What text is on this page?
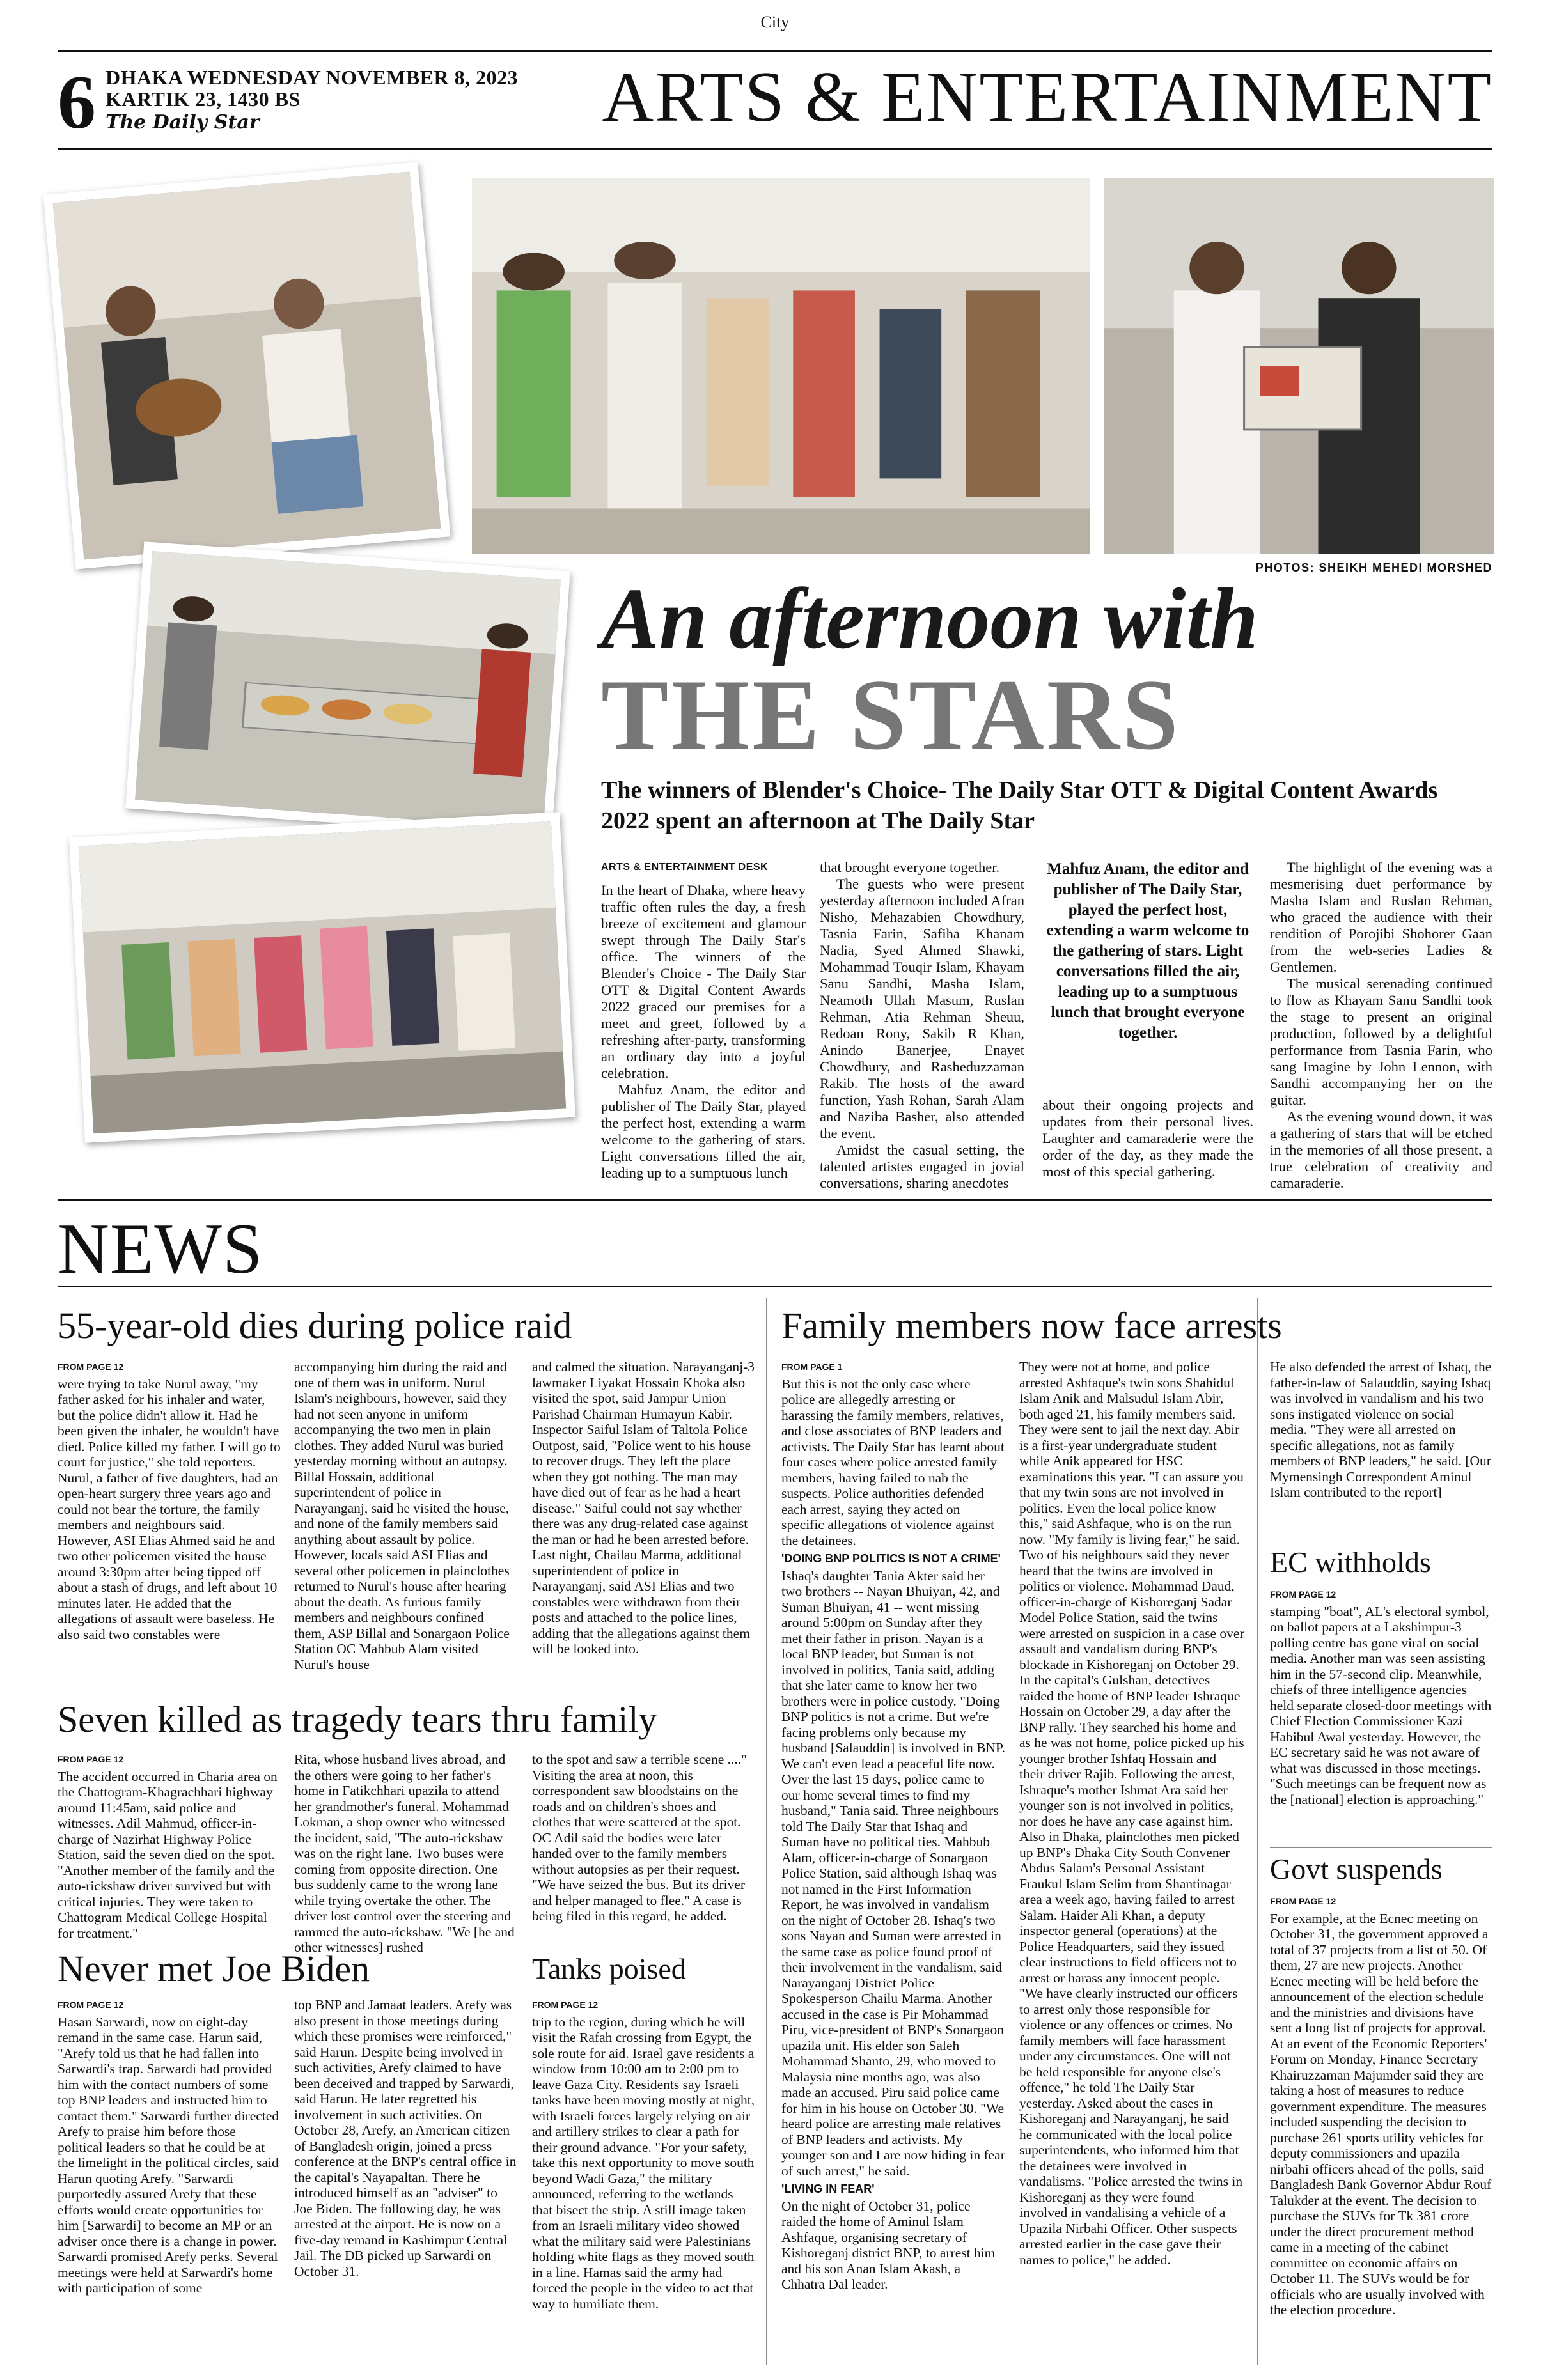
City
6 DHAKA WEDNESDAY NOVEMBER 8, 2023
KARTIK 23, 1430 BS
The Daily Star	ARTS & ENTERTAINMENT
PHOTOS: SHEIKH MEHEDI MORSHED
An afternoon with
THE STARS
The winners of Blender's Choice- The Daily Star OTT & Digital Content Awards 2022 spent an afternoon at The Daily Star
ARTS & ENTERTAINMENT DESK

In the heart of Dhaka, where heavy traffic often rules the day, a fresh breeze of excitement and glamour swept through The Daily Star's office. The winners of the Blender's Choice - The Daily Star OTT & Digital Content Awards 2022 graced our premises for a meet and greet, followed by a refreshing after-party, transforming an ordinary day into a joyful celebration.

Mahfuz Anam, the editor and publisher of The Daily Star, played the perfect host, extending a warm welcome to the gathering of stars. Light conversations filled the air, leading up to a sumptuous lunch

that brought everyone together.

The guests who were present yesterday afternoon included Afran Nisho, Mehazabien Chowdhury, Tasnia Farin, Safiha Khanam Nadia, Syed Ahmed Shawki, Mohammad Touqir Islam, Khayam Sanu Sandhi, Masha Islam, Neamoth Ullah Masum, Ruslan Rehman, Atia Rehman Sheuu, Redoan Rony, Sakib R Khan, Anindo Banerjee, Enayet Chowdhury, and Rasheduzzaman Rakib. The hosts of the award function, Yash Rohan, Sarah Alam and Naziba Basher, also attended the event.

Amidst the casual setting, the talented artistes engaged in jovial conversations, sharing anecdotes

Mahfuz Anam, the editor and publisher of The Daily Star, played the perfect host, extending a warm welcome to the gathering of stars. Light conversations filled the air, leading up to a sumptuous lunch that brought everyone together.

about their ongoing projects and updates from their personal lives. Laughter and camaraderie were the order of the day, as they made the most of this special gathering.

The highlight of the evening was a mesmerising duet performance by Masha Islam and Ruslan Rehman, who graced the audience with their rendition of Porojibi Shohorer Gaan from the web-series Ladies & Gentlemen.

The musical serenading continued to flow as Khayam Sanu Sandhi took the stage to present an original production, followed by a delightful performance from Tasnia Farin, who sang Imagine by John Lennon, with Sandhi accompanying her on the guitar.

As the evening wound down, it was a gathering of stars that will be etched in the memories of all those present, a true celebration of creativity and camaraderie.

NEWS
55-year-old dies during police raid
FROM PAGE 12

were trying to take Nurul away, "my father asked for his inhaler and water, but the police didn't allow it. Had he been given the inhaler, he wouldn't have died. Police killed my father. I will go to court for justice," she told reporters. Nurul, a father of five daughters, had an open-heart surgery three years ago and could not bear the torture, the family members and neighbours said. However, ASI Elias Ahmed said he and two other policemen visited the house around 3:30pm after being tipped off about a stash of drugs, and left about 10 minutes later. He added that the allegations of assault were baseless. He also said two constables were

accompanying him during the raid and one of them was in uniform. Nurul Islam's neighbours, however, said they had not seen anyone in uniform accompanying the two men in plain clothes. They added Nurul was buried yesterday morning without an autopsy. Billal Hossain, additional superintendent of police in Narayanganj, said he visited the house, and none of the family members said anything about assault by police. However, locals said ASI Elias and several other policemen in plainclothes returned to Nurul's house after hearing about the death. As furious family members and neighbours confined them, ASP Billal and Sonargaon Police Station OC Mahbub Alam visited Nurul's house

and calmed the situation. Narayanganj-3 lawmaker Liyakat Hossain Khoka also visited the spot, said Jampur Union Parishad Chairman Humayun Kabir. Inspector Saiful Islam of Taltola Police Outpost, said, "Police went to his house to recover drugs. They left the place when they got nothing. The man may have died out of fear as he had a heart disease." Saiful could not say whether there was any drug-related case against the man or had he been arrested before. Last night, Chailau Marma, additional superintendent of police in Narayanganj, said ASI Elias and two constables were withdrawn from their posts and attached to the police lines, adding that the allegations against them will be looked into.

Seven killed as tragedy tears thru family
FROM PAGE 12

The accident occurred in Charia area on the Chattogram-Khagrachhari highway around 11:45am, said police and witnesses. Adil Mahmud, officer-in-charge of Nazirhat Highway Police Station, said the seven died on the spot. "Another member of the family and the auto-rickshaw driver survived but with critical injuries. They were taken to Chattogram Medical College Hospital for treatment."

Rita, whose husband lives abroad, and the others were going to her father's home in Fatikchhari upazila to attend her grandmother's funeral. Mohammad Lokman, a shop owner who witnessed the incident, said, "The auto-rickshaw was on the right lane. Two buses were coming from opposite direction. One bus suddenly came to the wrong lane while trying overtake the other. The driver lost control over the steering and rammed the auto-rickshaw. "We [he and other witnesses] rushed

to the spot and saw a terrible scene ...." Visiting the area at noon, this correspondent saw bloodstains on the roads and on children's shoes and clothes that were scattered at the spot. OC Adil said the bodies were later handed over to the family members without autopsies as per their request. "We have seized the bus. But its driver and helper managed to flee." A case is being filed in this regard, he added.

Never met Joe Biden
FROM PAGE 12

Hasan Sarwardi, now on eight-day remand in the same case. Harun said, "Arefy told us that he had fallen into Sarwardi's trap. Sarwardi had provided him with the contact numbers of some top BNP leaders and instructed him to contact them." Sarwardi further directed Arefy to praise him before those political leaders so that he could be at the limelight in the political circles, said Harun quoting Arefy. "Sarwardi purportedly assured Arefy that these efforts would create opportunities for him [Sarwardi] to become an MP or an adviser once there is a change in power. Sarwardi promised Arefy perks. Several meetings were held at Sarwardi's home with participation of some

top BNP and Jamaat leaders. Arefy was also present in those meetings during which these promises were reinforced," said Harun. Despite being involved in such activities, Arefy claimed to have been deceived and trapped by Sarwardi, said Harun. He later regretted his involvement in such activities. On October 28, Arefy, an American citizen of Bangladesh origin, joined a press conference at the BNP's central office in the capital's Nayapaltan. There he introduced himself as an "adviser" to Joe Biden. The following day, he was arrested at the airport. He is now on a five-day remand in Kashimpur Central Jail. The DB picked up Sarwardi on October 31.

Tanks poised
FROM PAGE 12

trip to the region, during which he will visit the Rafah crossing from Egypt, the sole route for aid. Israel gave residents a window from 10:00 am to 2:00 pm to leave Gaza City. Residents say Israeli tanks have been moving mostly at night, with Israeli forces largely relying on air and artillery strikes to clear a path for their ground advance. "For your safety, take this next opportunity to move south beyond Wadi Gaza," the military announced, referring to the wetlands that bisect the strip. A still image taken from an Israeli military video showed what the military said were Palestinians holding white flags as they moved south in a line. Hamas said the army had forced the people in the video to act that way to humiliate them.

Family members now face arrests
FROM PAGE 1

But this is not the only case where police are allegedly arresting or harassing the family members, relatives, and close associates of BNP leaders and activists. The Daily Star has learnt about four cases where police arrested family members, having failed to nab the suspects. Police authorities defended each arrest, saying they acted on specific allegations of violence against the detainees.

'DOING BNP POLITICS IS NOT A CRIME'

Ishaq's daughter Tania Akter said her two brothers -- Nayan Bhuiyan, 42, and Suman Bhuiyan, 41 -- went missing around 5:00pm on Sunday after they met their father in prison. Nayan is a local BNP leader, but Suman is not involved in politics, Tania said, adding that she later came to know her two brothers were in police custody. "Doing BNP politics is not a crime. But we're facing problems only because my husband [Salauddin] is involved in BNP. We can't even lead a peaceful life now. Over the last 15 days, police came to our home several times to find my husband," Tania said. Three neighbours told The Daily Star that Ishaq and Suman have no political ties. Mahbub Alam, officer-in-charge of Sonargaon Police Station, said although Ishaq was not named in the First Information Report, he was involved in vandalism on the night of October 28. Ishaq's two sons Nayan and Suman were arrested in the same case as police found proof of their involvement in the vandalism, said Narayanganj District Police Spokesperson Chailu Marma. Another accused in the case is Pir Mohammad Piru, vice-president of BNP's Sonargaon upazila unit. His elder son Saleh Mohammad Shanto, 29, who moved to Malaysia nine months ago, was also made an accused. Piru said police came for him in his house on October 30. "We heard police are arresting male relatives of BNP leaders and activists. My younger son and I are now hiding in fear of such arrest," he said.

'LIVING IN FEAR'

On the night of October 31, police raided the home of Aminul Islam Ashfaque, organising secretary of Kishoreganj district BNP, to arrest him and his son Anan Islam Akash, a Chhatra Dal leader.

They were not at home, and police arrested Ashfaque's twin sons Shahidul Islam Anik and Malsudul Islam Abir, both aged 21, his family members said. They were sent to jail the next day. Abir is a first-year undergraduate student while Anik appeared for HSC examinations this year. "I can assure you that my twin sons are not involved in politics. Even the local police know this," said Ashfaque, who is on the run now. "My family is living fear," he said. Two of his neighbours said they never heard that the twins are involved in politics or violence. Mohammad Daud, officer-in-charge of Kishoreganj Sadar Model Police Station, said the twins were arrested on suspicion in a case over assault and vandalism during BNP's blockade in Kishoreganj on October 29. In the capital's Gulshan, detectives raided the home of BNP leader Ishraque Hossain on October 29, a day after the BNP rally. They searched his home and as he was not home, police picked up his younger brother Ishfaq Hossain and their driver Rajib. Following the arrest, Ishraque's mother Ishmat Ara said her younger son is not involved in politics, nor does he have any case against him. Also in Dhaka, plainclothes men picked up BNP's Dhaka City South Convener Abdus Salam's Personal Assistant Fraukul Islam Selim from Shantinagar area a week ago, having failed to arrest Salam. Haider Ali Khan, a deputy inspector general (operations) at the Police Headquarters, said they issued clear instructions to field officers not to arrest or harass any innocent people. "We have clearly instructed our officers to arrest only those responsible for violence or any offences or crimes. No family members will face harassment under any circumstances. One will not be held responsible for anyone else's offence," he told The Daily Star yesterday. Asked about the cases in Kishoreganj and Narayanganj, he said he communicated with the local police superintendents, who informed him that the detainees were involved in vandalisms. "Police arrested the twins in Kishoreganj as they were found involved in vandalising a vehicle of a Upazila Nirbahi Officer. Other suspects arrested earlier in the case gave their names to police," he added.

He also defended the arrest of Ishaq, the father-in-law of Salauddin, saying Ishaq was involved in vandalism and his two sons instigated violence on social media. "They were all arrested on specific allegations, not as family members of BNP leaders," he said. [Our Mymensingh Correspondent Aminul Islam contributed to the report]

EC withholds
FROM PAGE 12

stamping "boat", AL's electoral symbol, on ballot papers at a Lakshimpur-3 polling centre has gone viral on social media. Another man was seen assisting him in the 57-second clip. Meanwhile, chiefs of three intelligence agencies held separate closed-door meetings with Chief Election Commissioner Kazi Habibul Awal yesterday. However, the EC secretary said he was not aware of what was discussed in those meetings. "Such meetings can be frequent now as the [national] election is approaching."

Govt suspends
FROM PAGE 12

For example, at the Ecnec meeting on October 31, the government approved a total of 37 projects from a list of 50. Of them, 27 are new projects. Another Ecnec meeting will be held before the announcement of the election schedule and the ministries and divisions have sent a long list of projects for approval. At an event of the Economic Reporters' Forum on Monday, Finance Secretary Khairuzzaman Majumder said they are taking a host of measures to reduce government expenditure. The measures included suspending the decision to purchase 261 sports utility vehicles for deputy commissioners and upazila nirbahi officers ahead of the polls, said Bangladesh Bank Governor Abdur Rouf Talukder at the event. The decision to purchase the SUVs for Tk 381 crore under the direct procurement method came in a meeting of the cabinet committee on economic affairs on October 11. The SUVs would be for officials who are usually involved with the election procedure.
